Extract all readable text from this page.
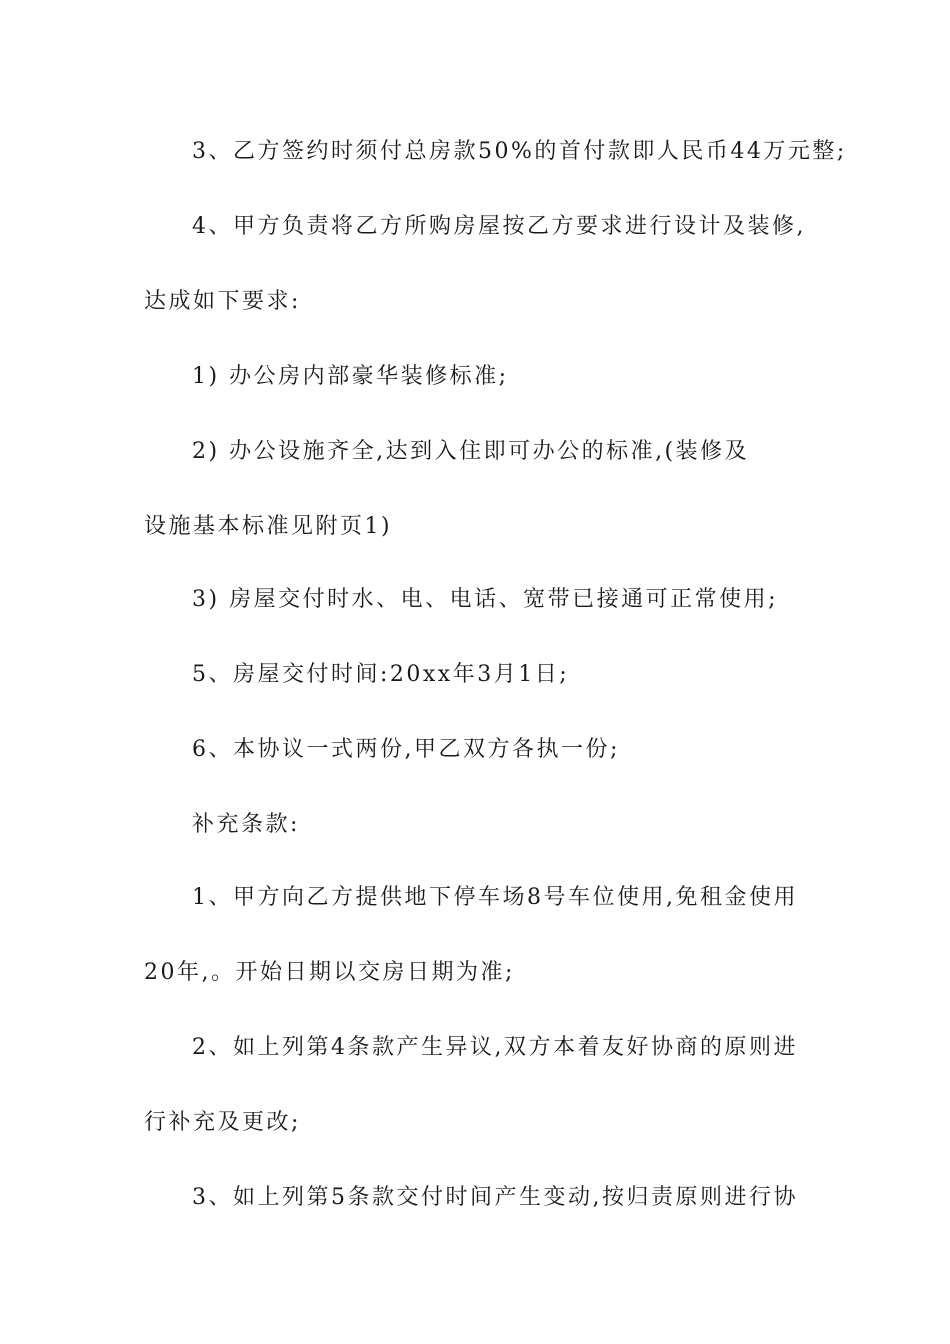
3、乙方签约时须付总房款50%的首付款即人民币44万元整;
4、甲方负责将乙方所购房屋按乙方要求进行设计及装修,
达成如下要求:
1) 办公房内部豪华装修标准;
2) 办公设施齐全,达到入住即可办公的标准,(装修及
设施基本标准见附页1)
3) 房屋交付时水、电、电话、宽带已接通可正常使用;
5、房屋交付时间:20xx年3月1日;
6、本协议一式两份,甲乙双方各执一份;
补充条款:
1、甲方向乙方提供地下停车场8号车位使用,免租金使用
20年,。开始日期以交房日期为准;
2、如上列第4条款产生异议,双方本着友好协商的原则进
行补充及更改;
3、如上列第5条款交付时间产生变动,按归责原则进行协
